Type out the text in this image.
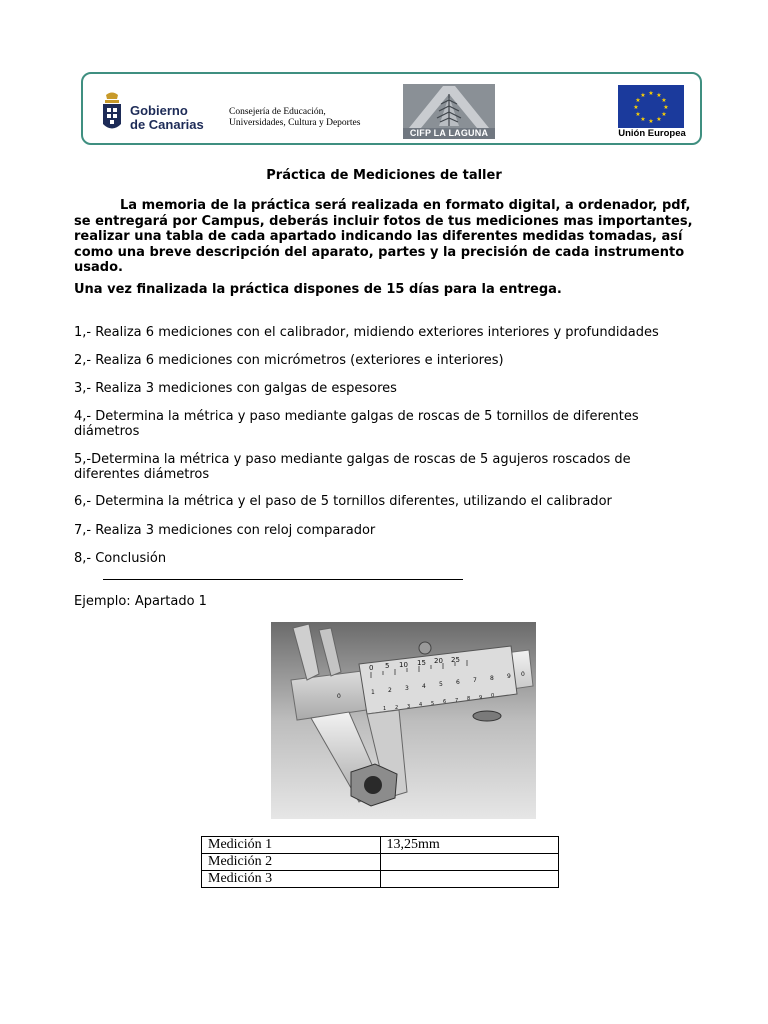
Gobierno
de Canarias
Consejería de Educación,
Universidades, Cultura y Deportes
CIFP LA LAGUNA
★ ★
★
★
★
★
★
★
★
★
★
★
Unión Europea
Práctica de Mediciones de taller

La memoria de la práctica será realizada en formato digital, a ordenador, pdf, se entregará por Campus, deberás incluir fotos de tus mediciones mas importantes, realizar una tabla de cada apartado indicando las diferentes medidas tomadas, así como una breve descripción del aparato, partes y la precisión de cada instrumento usado.

Una vez finalizada la práctica dispones de 15 días para la entrega.

1,- Realiza 6 mediciones con el calibrador, midiendo exteriores interiores y profundidades

2,- Realiza 6 mediciones con micrómetros (exteriores e interiores)

3,- Realiza 3 mediciones con galgas de espesores

4,- Determina la métrica y paso mediante galgas de roscas de 5 tornillos de diferentes diámetros

5,-Determina la métrica y paso mediante galgas de roscas de 5 agujeros roscados de diferentes diámetros

6,- Determina la métrica y el paso de 5 tornillos diferentes, utilizando el calibrador

7,- Realiza 3 mediciones con reloj comparador

8,- Conclusión

Ejemplo: Apartado 1

0 5 10 15 20 25
0
1 2 3 4 5 6 7 8 9 0
1 2 3 4 5 6 7 8 9 0
Medición 1	13,25mm
Medición 2	
Medición 3	
